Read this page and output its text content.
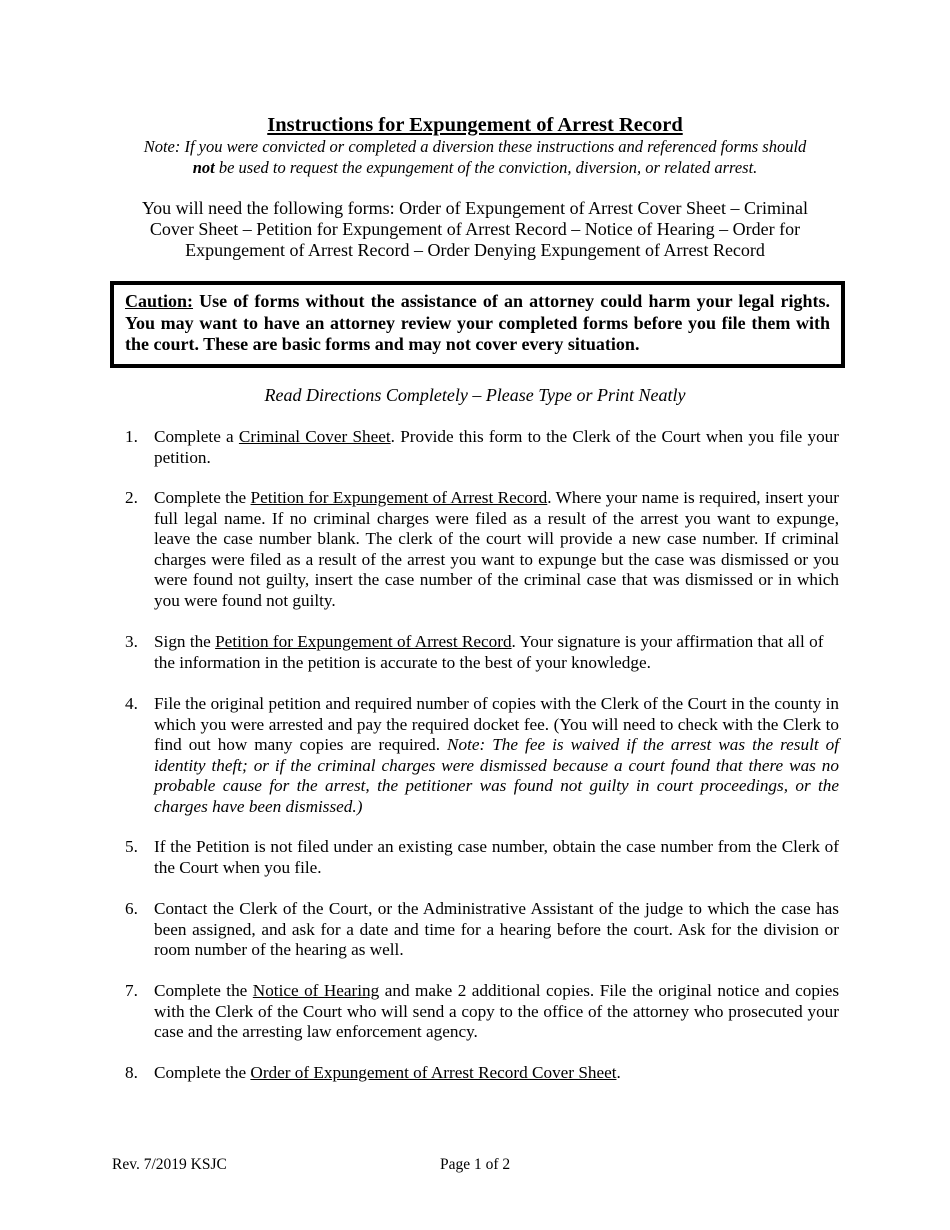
Instructions for Expungement of Arrest Record
Note: If you were convicted or completed a diversion these instructions and referenced forms should
not be used to request the expungement of the conviction, diversion, or related arrest.
You will need the following forms: Order of Expungement of Arrest Cover Sheet – Criminal Cover Sheet – Petition for Expungement of Arrest Record – Notice of Hearing – Order for Expungement of Arrest Record – Order Denying Expungement of Arrest Record
Caution: Use of forms without the assistance of an attorney could harm your legal rights. You may want to have an attorney review your completed forms before you file them with the court. These are basic forms and may not cover every situation.
Read Directions Completely – Please Type or Print Neatly
1. Complete a Criminal Cover Sheet. Provide this form to the Clerk of the Court when you file your petition.
2. Complete the Petition for Expungement of Arrest Record. Where your name is required, insert your full legal name. If no criminal charges were filed as a result of the arrest you want to expunge, leave the case number blank. The clerk of the court will provide a new case number. If criminal charges were filed as a result of the arrest you want to expunge but the case was dismissed or you were found not guilty, insert the case number of the criminal case that was dismissed or in which you were found not guilty.
3. Sign the Petition for Expungement of Arrest Record. Your signature is your affirmation that all of the information in the petition is accurate to the best of your knowledge.
4. File the original petition and required number of copies with the Clerk of the Court in the county in which you were arrested and pay the required docket fee. (You will need to check with the Clerk to find out how many copies are required. Note: The fee is waived if the arrest was the result of identity theft; or if the criminal charges were dismissed because a court found that there was no probable cause for the arrest, the petitioner was found not guilty in court proceedings, or the charges have been dismissed.)
5. If the Petition is not filed under an existing case number, obtain the case number from the Clerk of the Court when you file.
6. Contact the Clerk of the Court, or the Administrative Assistant of the judge to which the case has been assigned, and ask for a date and time for a hearing before the court. Ask for the division or room number of the hearing as well.
7. Complete the Notice of Hearing and make 2 additional copies. File the original notice and copies with the Clerk of the Court who will send a copy to the office of the attorney who prosecuted your case and the arresting law enforcement agency.
8. Complete the Order of Expungement of Arrest Record Cover Sheet.
Rev. 7/2019 KSJC	Page 1 of 2
